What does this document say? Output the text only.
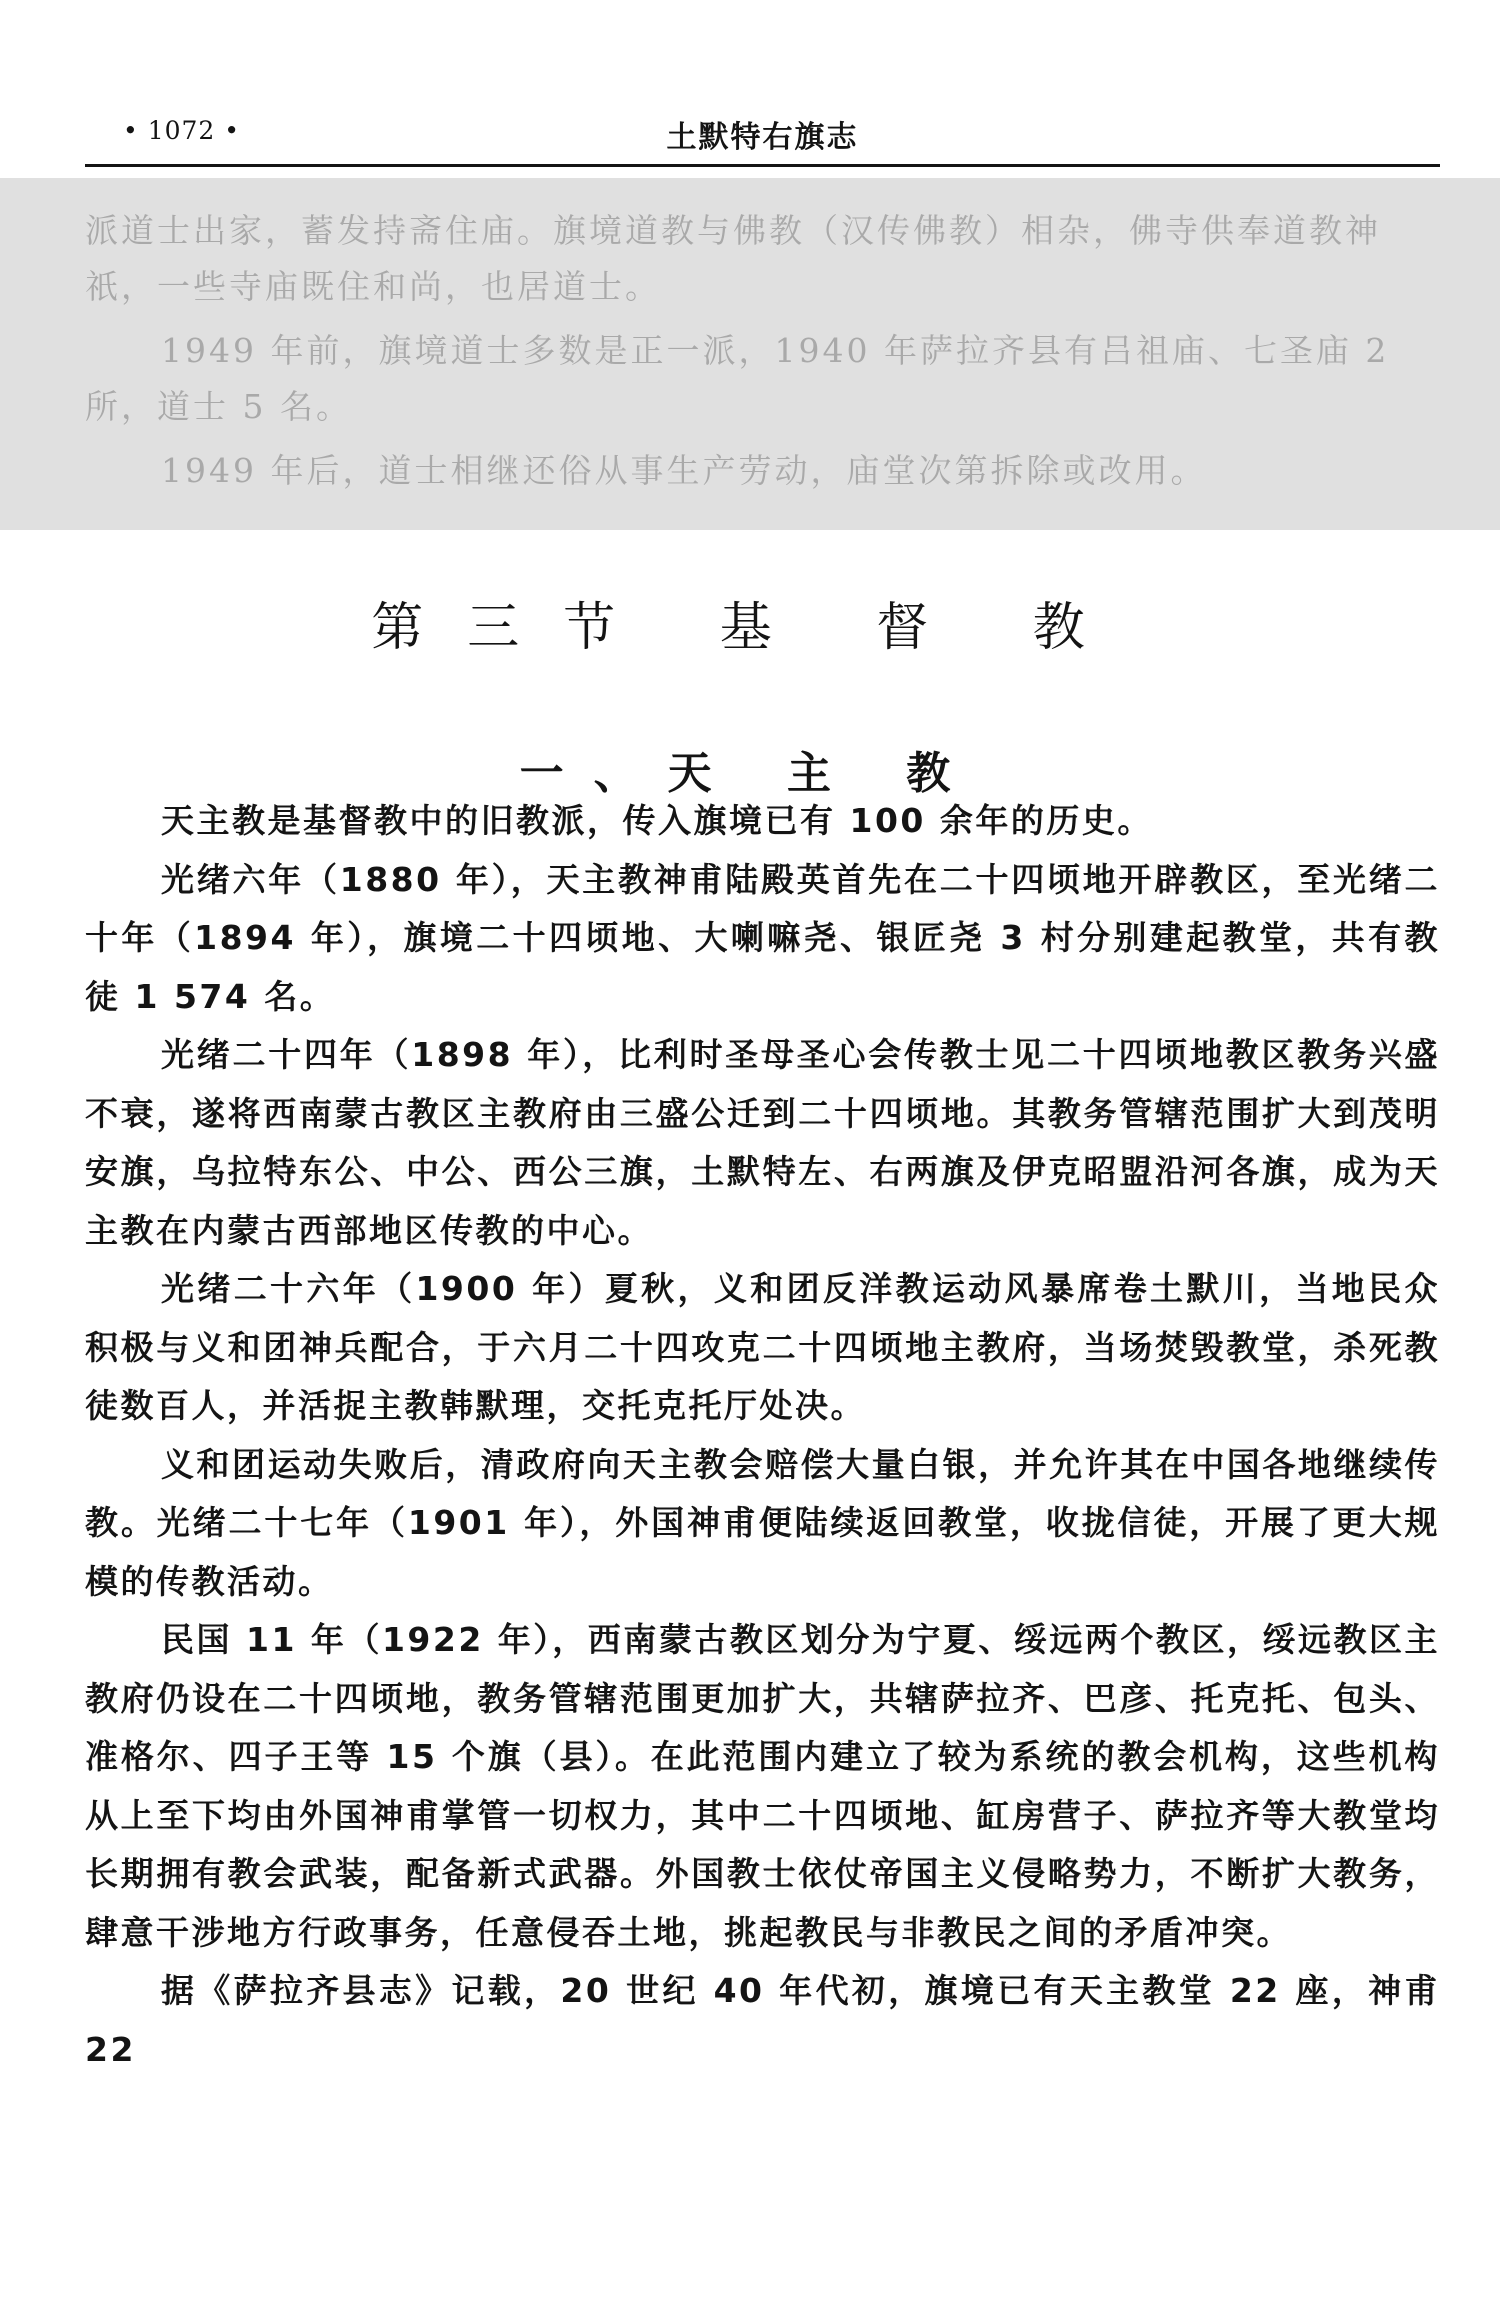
• 1072 •	土默特右旗志

派道士出家，蓄发持斋住庙。旗境道教与佛教（汉传佛教）相杂，佛寺供奉道教神祇，一些寺庙既住和尚，也居道士。

1949 年前，旗境道士多数是正一派，1940 年萨拉齐县有吕祖庙、七圣庙 2 所，道士 5 名。

1949 年后，道士相继还俗从事生产劳动，庙堂次第拆除或改用。

第三节 基 督 教
一、天 主 教

天主教是基督教中的旧教派，传入旗境已有 100 余年的历史。

光绪六年（1880 年），天主教神甫陆殿英首先在二十四顷地开辟教区，至光绪二十年（1894 年），旗境二十四顷地、大喇嘛尧、银匠尧 3 村分别建起教堂，共有教徒 1 574 名。

光绪二十四年（1898 年），比利时圣母圣心会传教士见二十四顷地教区教务兴盛不衰，遂将西南蒙古教区主教府由三盛公迁到二十四顷地。其教务管辖范围扩大到茂明安旗，乌拉特东公、中公、西公三旗，土默特左、右两旗及伊克昭盟沿河各旗，成为天主教在内蒙古西部地区传教的中心。

光绪二十六年（1900 年）夏秋，义和团反洋教运动风暴席卷土默川，当地民众积极与义和团神兵配合，于六月二十四攻克二十四顷地主教府，当场焚毁教堂，杀死教徒数百人，并活捉主教韩默理，交托克托厅处决。

义和团运动失败后，清政府向天主教会赔偿大量白银，并允许其在中国各地继续传教。光绪二十七年（1901 年），外国神甫便陆续返回教堂，收拢信徒，开展了更大规模的传教活动。

民国 11 年（1922 年），西南蒙古教区划分为宁夏、绥远两个教区，绥远教区主教府仍设在二十四顷地，教务管辖范围更加扩大，共辖萨拉齐、巴彦、托克托、包头、准格尔、四子王等 15 个旗（县）。在此范围内建立了较为系统的教会机构，这些机构从上至下均由外国神甫掌管一切权力，其中二十四顷地、缸房营子、萨拉齐等大教堂均长期拥有教会武装，配备新式武器。外国教士依仗帝国主义侵略势力，不断扩大教务，肆意干涉地方行政事务，任意侵吞土地，挑起教民与非教民之间的矛盾冲突。

据《萨拉齐县志》记载，20 世纪 40 年代初，旗境已有天主教堂 22 座，神甫 22
